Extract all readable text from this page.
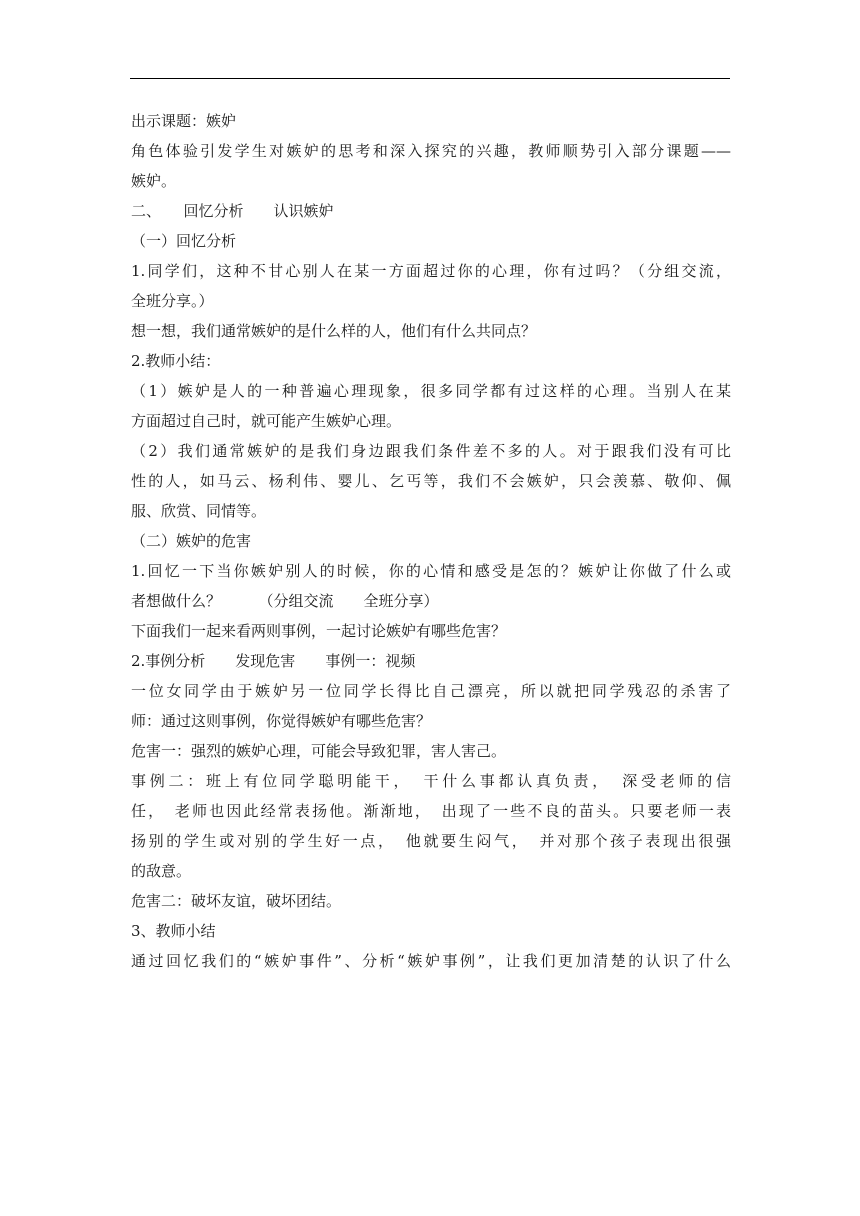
出示课题：嫉妒

角色体验引发学生对嫉妒的思考和深入探究的兴趣，教师顺势引入部分课题——

嫉妒。

二、　　回忆分析　　认识嫉妒

（一）回忆分析

1.同学们，这种不甘心别人在某一方面超过你的心理，你有过吗？（分组交流，

全班分享。）

想一想，我们通常嫉妒的是什么样的人，他们有什么共同点？

2.教师小结：

（1）嫉妒是人的一种普遍心理现象，很多同学都有过这样的心理。当别人在某

方面超过自己时，就可能产生嫉妒心理。

（2）我们通常嫉妒的是我们身边跟我们条件差不多的人。对于跟我们没有可比

性的人，如马云、杨利伟、婴儿、乞丐等，我们不会嫉妒，只会羡慕、敬仰、佩

服、欣赏、同情等。

（二）嫉妒的危害

1.回忆一下当你嫉妒别人的时候，你的心情和感受是怎的？嫉妒让你做了什么或

者想做什么？　　　（分组交流　　全班分享）

下面我们一起来看两则事例，一起讨论嫉妒有哪些危害？

2.事例分析　　发现危害　　事例一：视频

一位女同学由于嫉妒另一位同学长得比自己漂亮，所以就把同学残忍的杀害了

师：通过这则事例，你觉得嫉妒有哪些危害？

危害一：强烈的嫉妒心理，可能会导致犯罪，害人害己。

事例二：班上有位同学聪明能干，　干什么事都认真负责，　深受老师的信

任，　老师也因此经常表扬他。渐渐地，　出现了一些不良的苗头。只要老师一表

扬别的学生或对别的学生好一点，　他就要生闷气，　并对那个孩子表现出很强

的敌意。

危害二：破坏友谊，破坏团结。

3、教师小结

通过回忆我们的“嫉妒事件”、分析“嫉妒事例”，让我们更加清楚的认识了什么
